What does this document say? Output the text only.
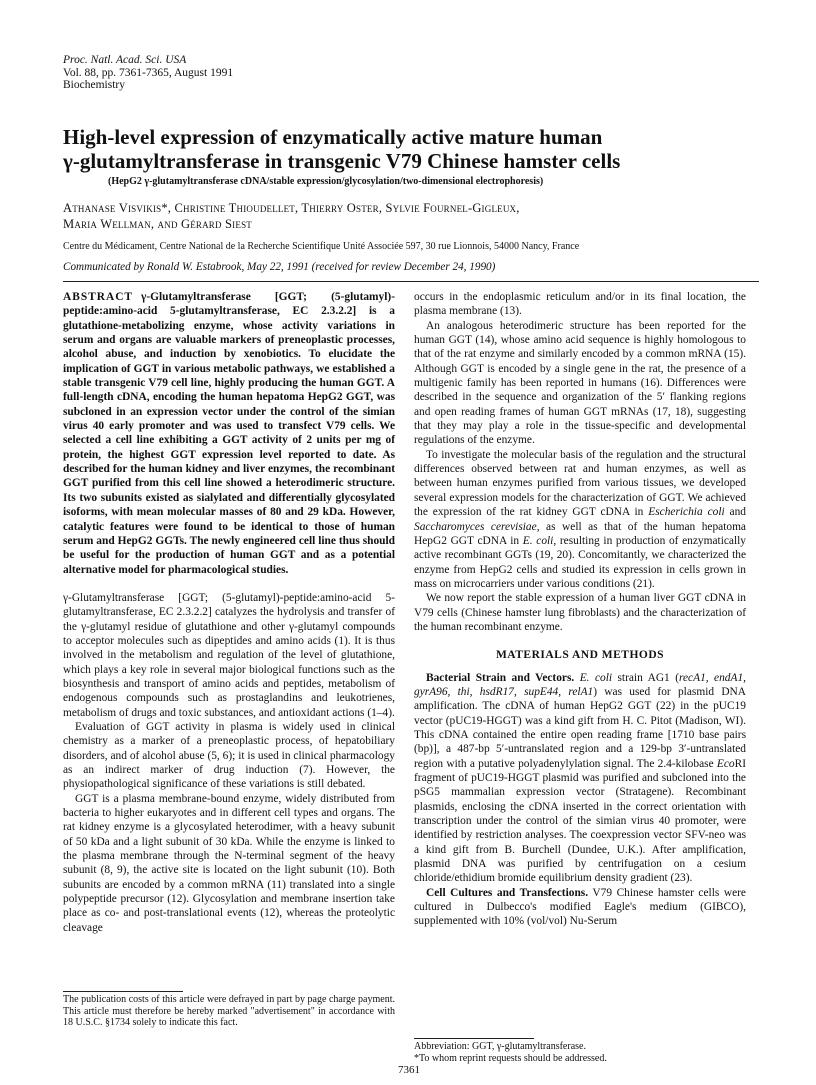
Proc. Natl. Acad. Sci. USA
Vol. 88, pp. 7361-7365, August 1991
Biochemistry
High-level expression of enzymatically active mature human
γ-glutamyltransferase in transgenic V79 Chinese hamster cells
(HepG2 γ-glutamyltransferase cDNA/stable expression/glycosylation/two-dimensional electrophoresis)
Athanase Visvikis*, Christine Thioudellet, Thierry Oster, Sylvie Fournel-Gigleux,
Maria Wellman, and Gérard Siest
Centre du Médicament, Centre National de la Recherche Scientifique Unité Associée 597, 30 rue Lionnois, 54000 Nancy, France
Communicated by Ronald W. Estabrook, May 22, 1991 (received for review December 24, 1990)

ABSTRACT γ-Glutamyltransferase [GGT; (5-glutamyl)-peptide:amino-acid 5-glutamyltransferase, EC 2.3.2.2] is a glutathione-metabolizing enzyme, whose activity variations in serum and organs are valuable markers of preneoplastic processes, alcohol abuse, and induction by xenobiotics. To elucidate the implication of GGT in various metabolic pathways, we established a stable transgenic V79 cell line, highly producing the human GGT. A full-length cDNA, encoding the human hepatoma HepG2 GGT, was subcloned in an expression vector under the control of the simian virus 40 early promoter and was used to transfect V79 cells. We selected a cell line exhibiting a GGT activity of 2 units per mg of protein, the highest GGT expression level reported to date. As described for the human kidney and liver enzymes, the recombinant GGT purified from this cell line showed a heterodimeric structure. Its two subunits existed as sialylated and differentially glycosylated isoforms, with mean molecular masses of 80 and 29 kDa. However, catalytic features were found to be identical to those of human serum and HepG2 GGTs. The newly engineered cell line thus should be useful for the production of human GGT and as a potential alternative model for pharmacological studies.

γ-Glutamyltransferase [GGT; (5-glutamyl)-peptide:amino-acid 5-glutamyltransferase, EC 2.3.2.2] catalyzes the hydrolysis and transfer of the γ-glutamyl residue of glutathione and other γ-glutamyl compounds to acceptor molecules such as dipeptides and amino acids (1). It is thus involved in the metabolism and regulation of the level of glutathione, which plays a key role in several major biological functions such as the biosynthesis and transport of amino acids and peptides, metabolism of endogenous compounds such as prostaglandins and leukotrienes, metabolism of drugs and toxic substances, and antioxidant actions (1–4).

Evaluation of GGT activity in plasma is widely used in clinical chemistry as a marker of a preneoplastic process, of hepatobiliary disorders, and of alcohol abuse (5, 6); it is used in clinical pharmacology as an indirect marker of drug induction (7). However, the physiopathological significance of these variations is still debated.

GGT is a plasma membrane-bound enzyme, widely distributed from bacteria to higher eukaryotes and in different cell types and organs. The rat kidney enzyme is a glycosylated heterodimer, with a heavy subunit of 50 kDa and a light subunit of 30 kDa. While the enzyme is linked to the plasma membrane through the N-terminal segment of the heavy subunit (8, 9), the active site is located on the light subunit (10). Both subunits are encoded by a common mRNA (11) translated into a single polypeptide precursor (12). Glycosylation and membrane insertion take place as co- and post-translational events (12), whereas the proteolytic cleavage

occurs in the endoplasmic reticulum and/or in its final location, the plasma membrane (13).

An analogous heterodimeric structure has been reported for the human GGT (14), whose amino acid sequence is highly homologous to that of the rat enzyme and similarly encoded by a common mRNA (15). Although GGT is encoded by a single gene in the rat, the presence of a multigenic family has been reported in humans (16). Differences were described in the sequence and organization of the 5′ flanking regions and open reading frames of human GGT mRNAs (17, 18), suggesting that they may play a role in the tissue-specific and developmental regulations of the enzyme.

To investigate the molecular basis of the regulation and the structural differences observed between rat and human enzymes, as well as between human enzymes purified from various tissues, we developed several expression models for the characterization of GGT. We achieved the expression of the rat kidney GGT cDNA in Escherichia coli and Saccharomyces cerevisiae, as well as that of the human hepatoma HepG2 GGT cDNA in E. coli, resulting in production of enzymatically active recombinant GGTs (19, 20). Concomitantly, we characterized the enzyme from HepG2 cells and studied its expression in cells grown in mass on microcarriers under various conditions (21).

We now report the stable expression of a human liver GGT cDNA in V79 cells (Chinese hamster lung fibroblasts) and the characterization of the human recombinant enzyme.

MATERIALS AND METHODS

Bacterial Strain and Vectors. E. coli strain AG1 (recA1, endA1, gyrA96, thi, hsdR17, supE44, relA1) was used for plasmid DNA amplification. The cDNA of human HepG2 GGT (22) in the pUC19 vector (pUC19-HGGT) was a kind gift from H. C. Pitot (Madison, WI). This cDNA contained the entire open reading frame [1710 base pairs (bp)], a 487-bp 5′-untranslated region and a 129-bp 3′-untranslated region with a putative polyadenylylation signal. The 2.4-kilobase EcoRI fragment of pUC19-HGGT plasmid was purified and subcloned into the pSG5 mammalian expression vector (Stratagene). Recombinant plasmids, enclosing the cDNA inserted in the correct orientation with transcription under the control of the simian virus 40 promoter, were identified by restriction analyses. The coexpression vector SFV-neo was a kind gift from B. Burchell (Dundee, U.K.). After amplification, plasmid DNA was purified by centrifugation on a cesium chloride/ethidium bromide equilibrium density gradient (23).

Cell Cultures and Transfections. V79 Chinese hamster cells were cultured in Dulbecco's modified Eagle's medium (GIBCO), supplemented with 10% (vol/vol) Nu-Serum

The publication costs of this article were defrayed in part by page charge payment. This article must therefore be hereby marked "advertisement" in accordance with 18 U.S.C. §1734 solely to indicate this fact.
Abbreviation: GGT, γ-glutamyltransferase.
*To whom reprint requests should be addressed.
7361
